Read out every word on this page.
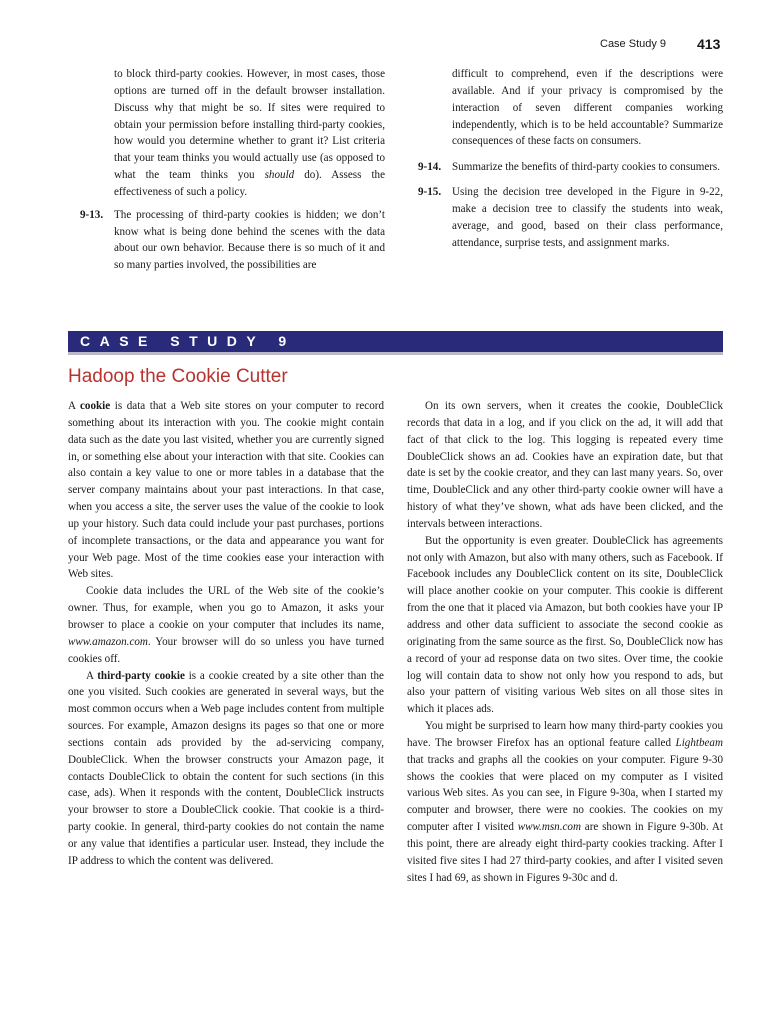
Case Study 9 413

to block third-party cookies. However, in most cases, those options are turned off in the default browser installation. Discuss why that might be so. If sites were required to obtain your permission before installing third-party cookies, how would you determine whether to grant it? List criteria that your team thinks you would actually use (as opposed to what the team thinks you should do). Assess the effectiveness of such a policy.

9-13. The processing of third-party cookies is hidden; we don’t know what is being done behind the scenes with the data about our own behavior. Because there is so much of it and so many parties involved, the possibilities are

difficult to comprehend, even if the descriptions were available. And if your privacy is compromised by the interaction of seven different companies working independently, which is to be held accountable? Summarize consequences of these facts on consumers.

9-14. Summarize the benefits of third-party cookies to consumers.

9-15. Using the decision tree developed in the Figure in 9-22, make a decision tree to classify the students into weak, average, and good, based on their class performance, attendance, surprise tests, and assignment marks.

CASE STUDY 9
Hadoop the Cookie Cutter

A cookie is data that a Web site stores on your computer to record something about its interaction with you. The cookie might contain data such as the date you last visited, whether you are currently signed in, or something else about your interaction with that site. Cookies can also contain a key value to one or more tables in a database that the server company maintains about your past interactions. In that case, when you access a site, the server uses the value of the cookie to look up your history. Such data could include your past purchases, portions of incomplete transactions, or the data and appearance you want for your Web page. Most of the time cookies ease your interaction with Web sites.

Cookie data includes the URL of the Web site of the cookie’s owner. Thus, for example, when you go to Amazon, it asks your browser to place a cookie on your computer that includes its name, www.amazon.com. Your browser will do so unless you have turned cookies off.

A third-party cookie is a cookie created by a site other than the one you visited. Such cookies are generated in several ways, but the most common occurs when a Web page includes content from multiple sources. For example, Amazon designs its pages so that one or more sections contain ads provided by the ad-servicing company, DoubleClick. When the browser constructs your Amazon page, it contacts DoubleClick to obtain the content for such sections (in this case, ads). When it responds with the content, DoubleClick instructs your browser to store a DoubleClick cookie. That cookie is a third-party cookie. In general, third-party cookies do not contain the name or any value that identifies a particular user. Instead, they include the IP address to which the content was delivered.

On its own servers, when it creates the cookie, DoubleClick records that data in a log, and if you click on the ad, it will add that fact of that click to the log. This logging is repeated every time DoubleClick shows an ad. Cookies have an expiration date, but that date is set by the cookie creator, and they can last many years. So, over time, DoubleClick and any other third-party cookie owner will have a history of what they’ve shown, what ads have been clicked, and the intervals between interactions.

But the opportunity is even greater. DoubleClick has agreements not only with Amazon, but also with many others, such as Facebook. If Facebook includes any DoubleClick content on its site, DoubleClick will place another cookie on your computer. This cookie is different from the one that it placed via Amazon, but both cookies have your IP address and other data sufficient to associate the second cookie as originating from the same source as the first. So, DoubleClick now has a record of your ad response data on two sites. Over time, the cookie log will contain data to show not only how you respond to ads, but also your pattern of visiting various Web sites on all those sites in which it places ads.

You might be surprised to learn how many third-party cookies you have. The browser Firefox has an optional feature called Lightbeam that tracks and graphs all the cookies on your computer. Figure 9-30 shows the cookies that were placed on my computer as I visited various Web sites. As you can see, in Figure 9-30a, when I started my computer and browser, there were no cookies. The cookies on my computer after I visited www.msn.com are shown in Figure 9-30b. At this point, there are already eight third-party cookies tracking. After I visited five sites I had 27 third-party cookies, and after I visited seven sites I had 69, as shown in Figures 9-30c and d.
